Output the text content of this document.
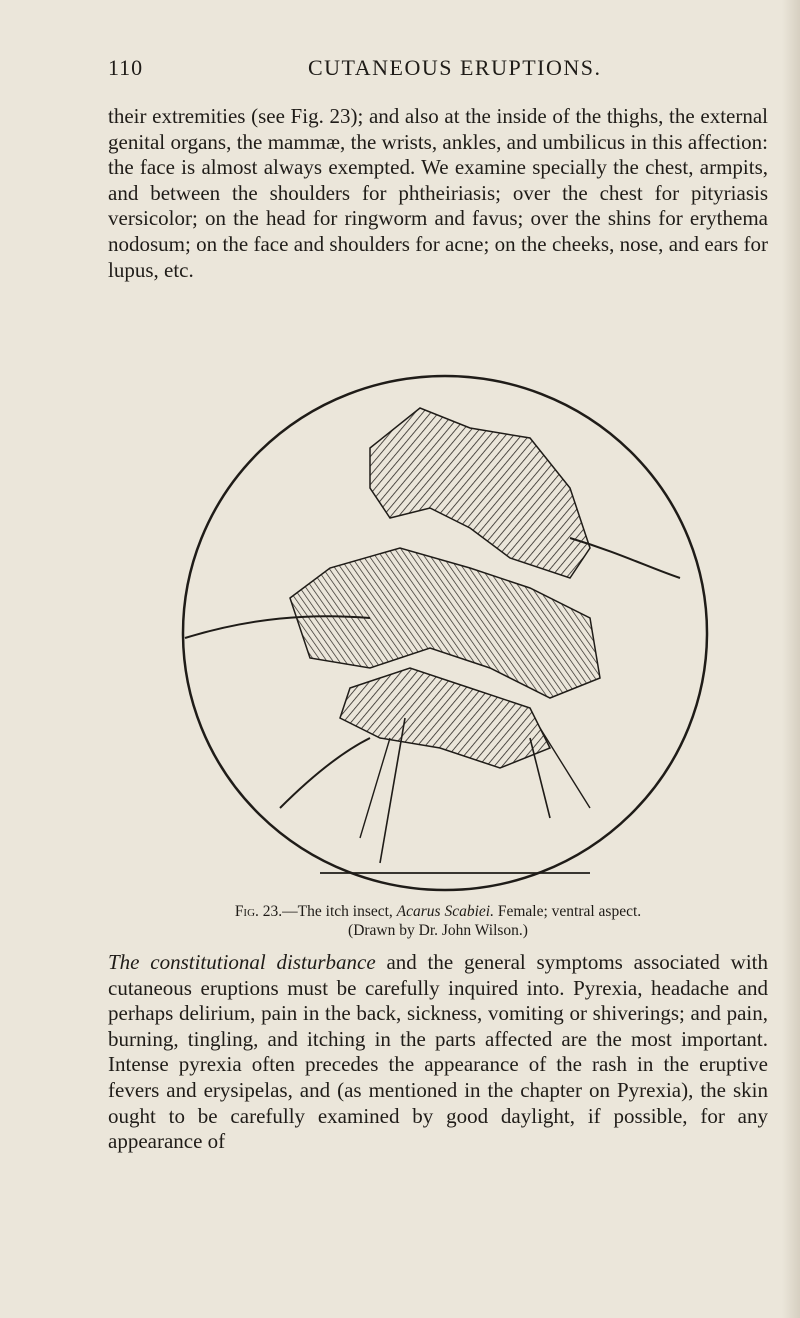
110	CUTANEOUS ERUPTIONS.

their extremities (see Fig. 23); and also at the inside of the thighs, the external genital organs, the mammæ, the wrists, ankles, and umbilicus in this affection: the face is almost always exempted. We examine specially the chest, armpits, and between the shoulders for phtheiriasis; over the chest for pityriasis versicolor; on the head for ringworm and favus; over the shins for erythema nodosum; on the face and shoulders for acne; on the cheeks, nose, and ears for lupus, etc.

Fig. 23.—The itch insect, Acarus Scabiei. Female; ventral aspect.
(Drawn by Dr. John Wilson.)

The constitutional disturbance and the general symptoms associated with cutaneous eruptions must be carefully inquired into. Pyrexia, headache and perhaps delirium, pain in the back, sickness, vomiting or shiverings; and pain, burning, tingling, and itching in the parts affected are the most important. Intense pyrexia often precedes the appearance of the rash in the eruptive fevers and erysipelas, and (as mentioned in the chapter on Pyrexia), the skin ought to be carefully examined by good daylight, if possible, for any appearance of
